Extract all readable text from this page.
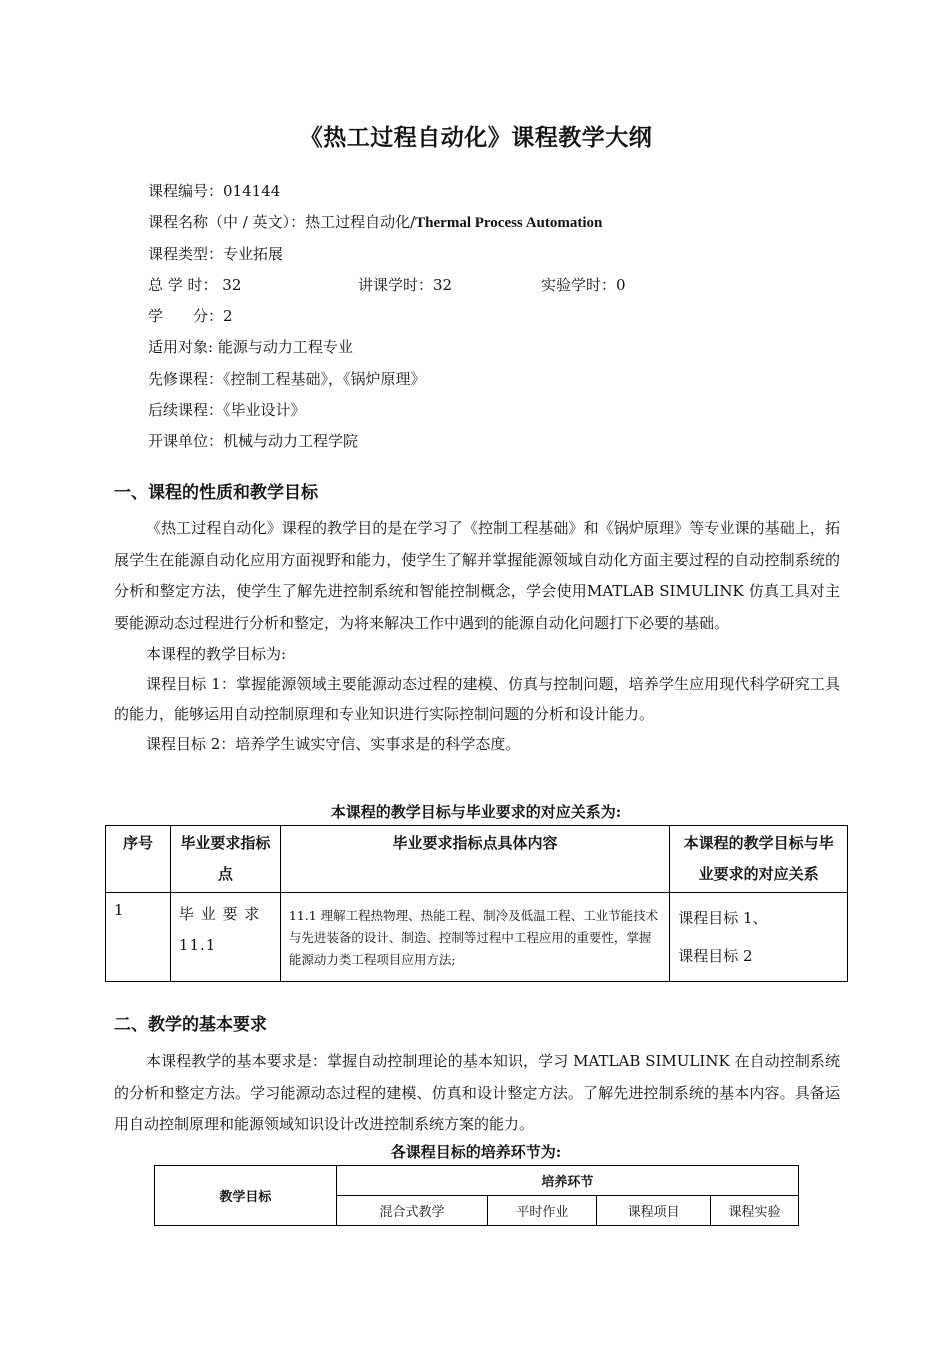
《热工过程自动化》课程教学大纲
课程编号：014144
课程名称（中 / 英文）：热工过程自动化/Thermal Process Automation
课程类型：专业拓展
总 学 时： 32	讲课学时：32	实验学时：0
学　　分：2
适用对象: 能源与动力工程专业
先修课程：《控制工程基础》，《锅炉原理》
后续课程：《毕业设计》
开课单位：机械与动力工程学院
一、课程的性质和教学目标

《热工过程自动化》课程的教学目的是在学习了《控制工程基础》和《锅炉原理》等专业课的基础上，拓展学生在能源自动化应用方面视野和能力，使学生了解并掌握能源领域自动化方面主要过程的自动控制系统的分析和整定方法，使学生了解先进控制系统和智能控制概念，学会使用MATLAB SIMULINK 仿真工具对主要能源动态过程进行分析和整定，为将来解决工作中遇到的能源自动化问题打下必要的基础。

本课程的教学目标为:

课程目标 1：掌握能源领域主要能源动态过程的建模、仿真与控制问题，培养学生应用现代科学研究工具的能力，能够运用自动控制原理和专业知识进行实际控制问题的分析和设计能力。

课程目标 2：培养学生诚实守信、实事求是的科学态度。

本课程的教学目标与毕业要求的对应关系为:
序号	毕业要求指标点	毕业要求指标点具体内容	本课程的教学目标与毕业要求的对应关系
1	毕 业 要 求 11.1	11.1 理解工程热物理、热能工程、制冷及低温工程、工业节能技术与先进装备的设计、制造、控制等过程中工程应用的重要性，掌握能源动力类工程项目应用方法;	课程目标 1、
课程目标 2
二、教学的基本要求

本课程教学的基本要求是：掌握自动控制理论的基本知识，学习 MATLAB SIMULINK 在自动控制系统的分析和整定方法。学习能源动态过程的建模、仿真和设计整定方法。了解先进控制系统的基本内容。具备运用自动控制原理和能源领域知识设计改进控制系统方案的能力。

各课程目标的培养环节为:
教学目标	培养环节			
	混合式教学	平时作业	课程项目	课程实验
